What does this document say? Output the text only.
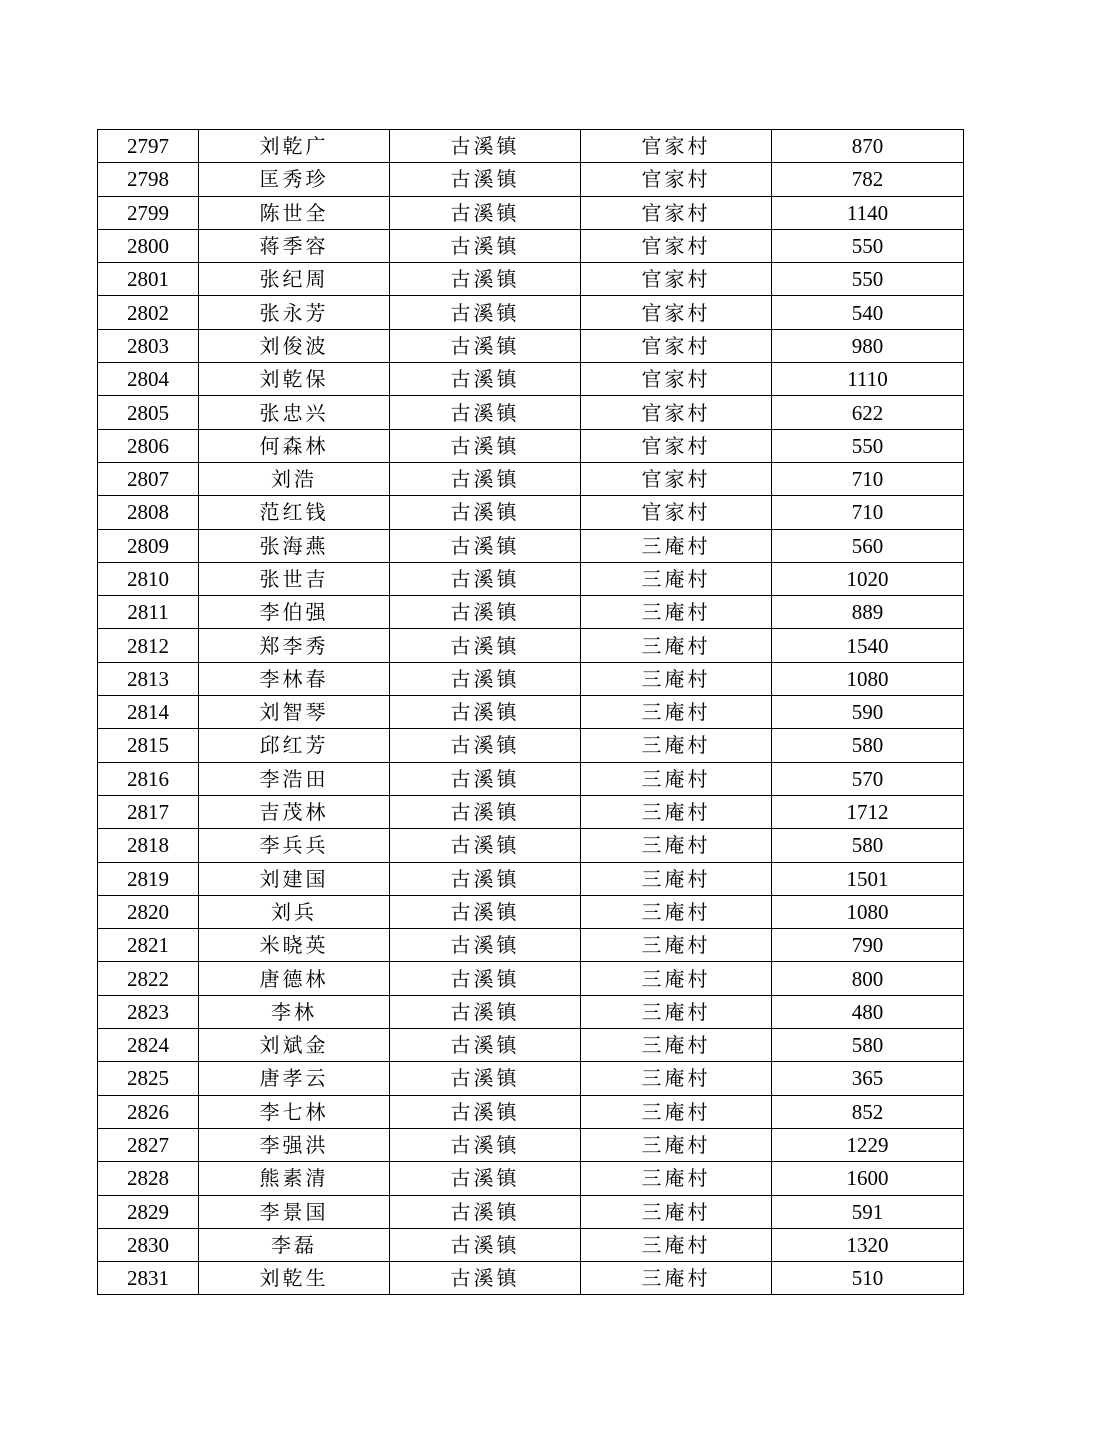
2797	刘乾广	古溪镇	官家村	870
2798	匡秀珍	古溪镇	官家村	782
2799	陈世全	古溪镇	官家村	1140
2800	蒋季容	古溪镇	官家村	550
2801	张纪周	古溪镇	官家村	550
2802	张永芳	古溪镇	官家村	540
2803	刘俊波	古溪镇	官家村	980
2804	刘乾保	古溪镇	官家村	1110
2805	张忠兴	古溪镇	官家村	622
2806	何森林	古溪镇	官家村	550
2807	刘浩	古溪镇	官家村	710
2808	范红钱	古溪镇	官家村	710
2809	张海燕	古溪镇	三庵村	560
2810	张世吉	古溪镇	三庵村	1020
2811	李伯强	古溪镇	三庵村	889
2812	郑李秀	古溪镇	三庵村	1540
2813	李林春	古溪镇	三庵村	1080
2814	刘智琴	古溪镇	三庵村	590
2815	邱红芳	古溪镇	三庵村	580
2816	李浩田	古溪镇	三庵村	570
2817	吉茂林	古溪镇	三庵村	1712
2818	李兵兵	古溪镇	三庵村	580
2819	刘建国	古溪镇	三庵村	1501
2820	刘兵	古溪镇	三庵村	1080
2821	米晓英	古溪镇	三庵村	790
2822	唐德林	古溪镇	三庵村	800
2823	李林	古溪镇	三庵村	480
2824	刘斌金	古溪镇	三庵村	580
2825	唐孝云	古溪镇	三庵村	365
2826	李七林	古溪镇	三庵村	852
2827	李强洪	古溪镇	三庵村	1229
2828	熊素清	古溪镇	三庵村	1600
2829	李景国	古溪镇	三庵村	591
2830	李磊	古溪镇	三庵村	1320
2831	刘乾生	古溪镇	三庵村	510
